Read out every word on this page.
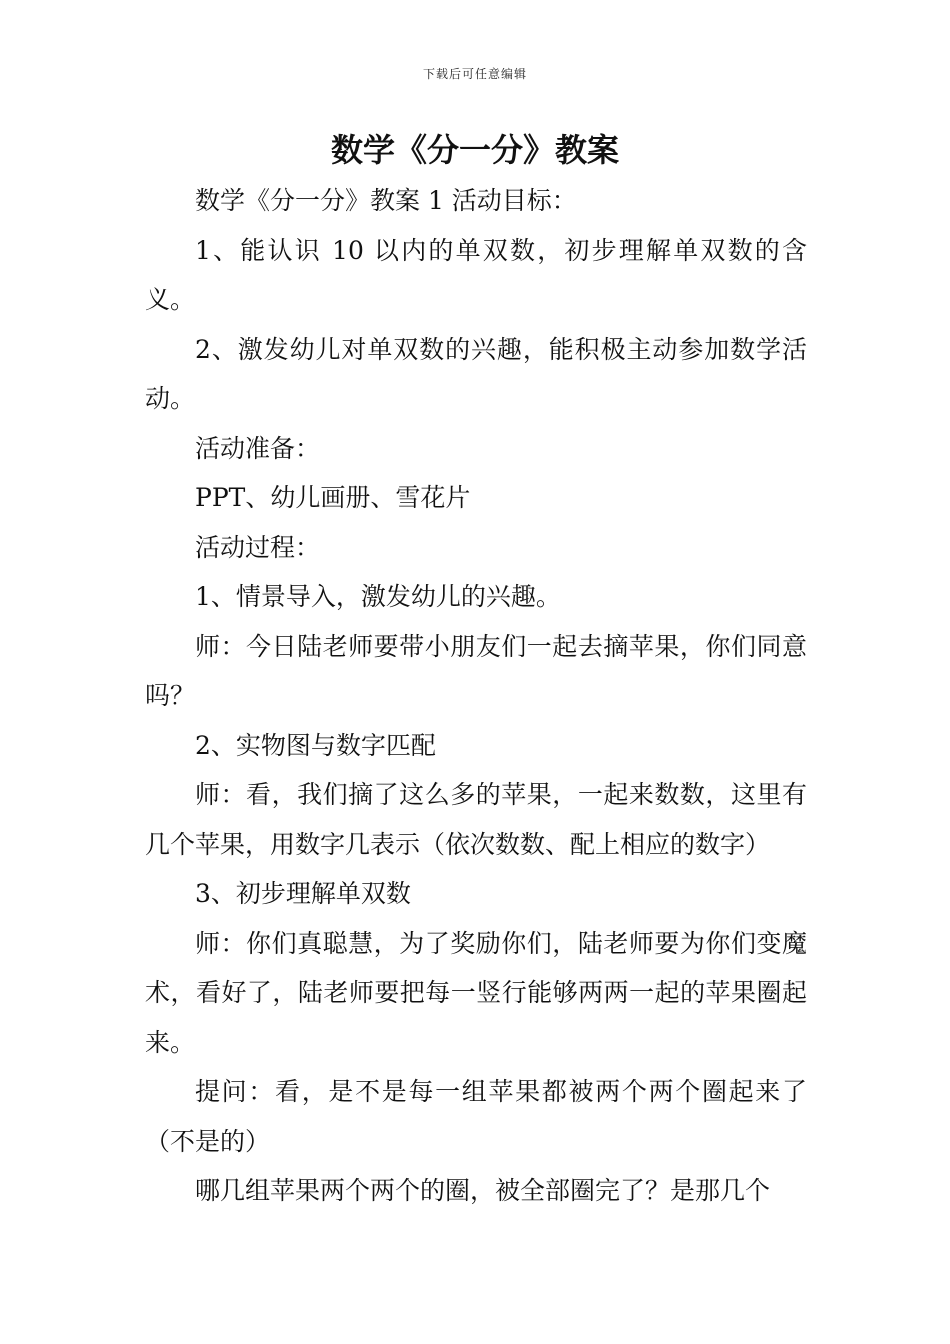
下载后可任意编辑
数学《分一分》教案

数学《分一分》教案 1 活动目标：

1、能认识 10 以内的单双数，初步理解单双数的含义。

2、激发幼儿对单双数的兴趣，能积极主动参加数学活动。

活动准备：

PPT、幼儿画册、雪花片

活动过程：

1、情景导入，激发幼儿的兴趣。

师：今日陆老师要带小朋友们一起去摘苹果，你们同意吗？

2、实物图与数字匹配

师：看，我们摘了这么多的苹果，一起来数数，这里有几个苹果，用数字几表示（依次数数、配上相应的数字）

3、初步理解单双数

师：你们真聪慧，为了奖励你们，陆老师要为你们变魔术，看好了，陆老师要把每一竖行能够两两一起的苹果圈起来。

提问：看，是不是每一组苹果都被两个两个圈起来了（不是的）

哪几组苹果两个两个的圈，被全部圈完了？是那几个
